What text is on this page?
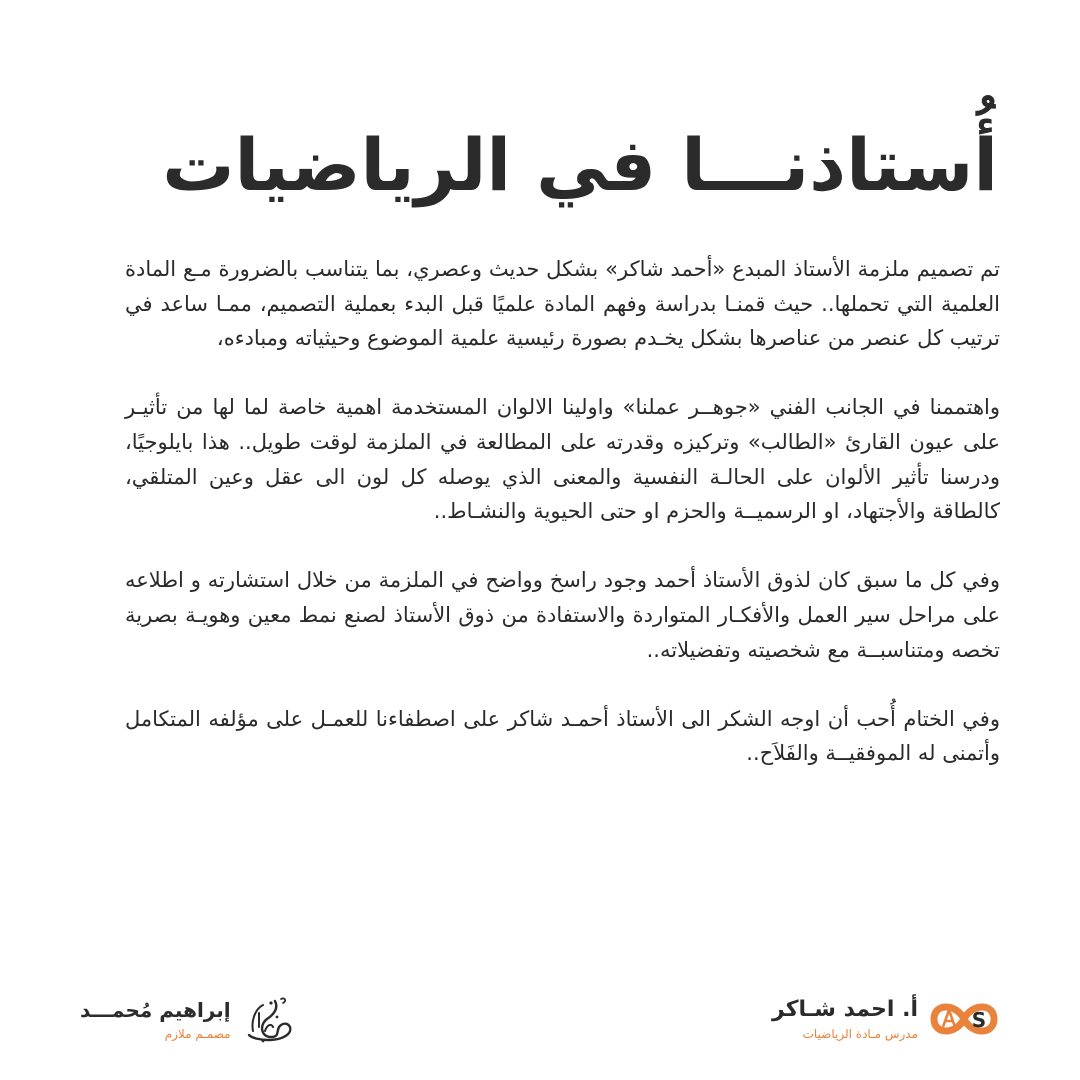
أُستاذنـــا في الرياضيات

تم تصميم ملزمة الأستاذ المبدع «أحمد شاكر» بشكل حديث وعصري، بما يتناسب بالضرورة مـع المادة العلمية التي تحملها.. حيث قمنـا بدراسة وفهم المادة علميًا قبل البدء بعملية التصميم، ممـا ساعد في ترتيب كل عنصر من عناصرها بشكل يخـدم بصورة رئيسية علمية الموضوع وحيثياته ومبادءه،

واهتممنا في الجانب الفني «جوهــر عملنا» واولينا الالوان المستخدمة اهمية خاصة لما لها من تأثيـر على عيون القارئ «الطالب» وتركيزه وقدرته على المطالعة في الملزمة لوقت طويل.. هذا بايلوجيًا، ودرسنا تأثير الألوان على الحالـة النفسية والمعنى الذي يوصله كل لون الى عقل وعين المتلقي، كالطاقة والأجتهاد، او الرسميــة والحزم او حتى الحيوية والنشـاط..

وفي كل ما سبق كان لذوق الأستاذ أحمد وجود راسخ وواضح في الملزمة من خلال استشارته و اطلاعه على مراحل سير العمل والأفكـار المتواردة والاستفادة من ذوق الأستاذ لصنع نمط معين وهويـة بصرية تخصه ومتناسبــة مع شخصيته وتفضيلاته..

وفي الختام أُحب أن اوجه الشكر الى الأستاذ أحمـد شاكر على اصطفاءنا للعمـل على مؤلفه المتكامل وأتمنى له الموفقيــة والفَلاَح..

S
أ. احمد شـاكر
مدرس مـادة الرياضيات
إبراهيم مُحمـــد
مصمـم ملازم
